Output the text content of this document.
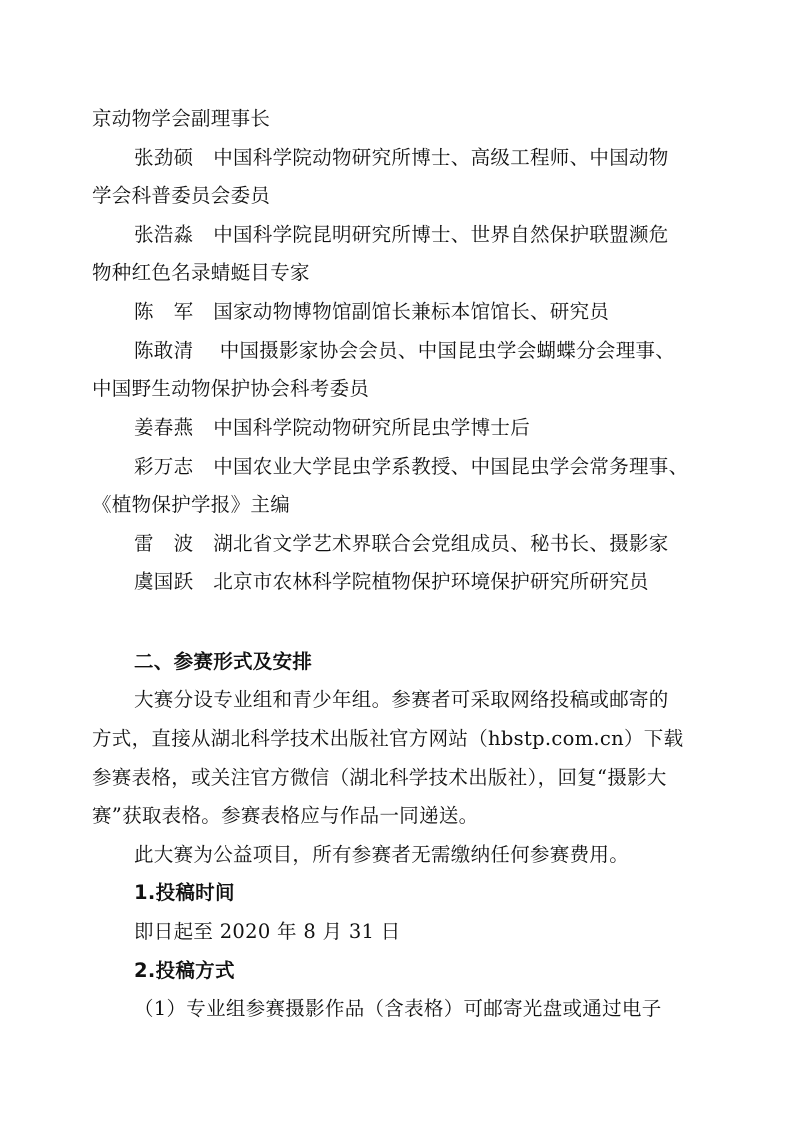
京动物学会副理事长
张劲硕　中国科学院动物研究所博士、高级工程师、中国动物
学会科普委员会委员
张浩淼　中国科学院昆明研究所博士、世界自然保护联盟濒危
物种红色名录蜻蜓目专家
陈　军　国家动物博物馆副馆长兼标本馆馆长、研究员
陈敢清　 中国摄影家协会会员、中国昆虫学会蝴蝶分会理事、
中国野生动物保护协会科考委员
姜春燕　中国科学院动物研究所昆虫学博士后
彩万志　中国农业大学昆虫学系教授、中国昆虫学会常务理事、
《植物保护学报》主编
雷　波　湖北省文学艺术界联合会党组成员、秘书长、摄影家
虞国跃　北京市农林科学院植物保护环境保护研究所研究员
二、参赛形式及安排
大赛分设专业组和青少年组。参赛者可采取网络投稿或邮寄的
方式，直接从湖北科学技术出版社官方网站（hbstp.com.cn）下载
参赛表格，或关注官方微信（湖北科学技术出版社），回复“摄影大
赛”获取表格。参赛表格应与作品一同递送。
此大赛为公益项目，所有参赛者无需缴纳任何参赛费用。
1.投稿时间
即日起至 2020 年 8 月 31 日
2.投稿方式
（1）专业组参赛摄影作品（含表格）可邮寄光盘或通过电子
